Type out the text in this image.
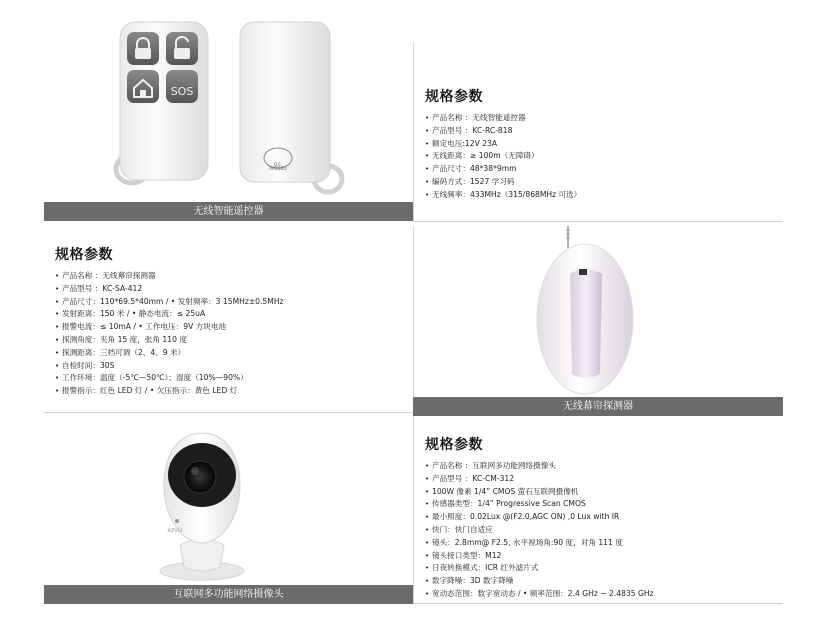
SOS
Q.C.
PASSED
无线智能遥控器
规格参数
• 产品名称 ：无线智能遥控器
• 产品型号 ：KC-RC-818
• 额定电压:12V 23A
• 无线距离：≥ 100m（无障碍）
• 产品尺寸：48*38*9mm
• 编码方式：1527 学习码
• 无线频率：433MHz（315/868MHz 可选）
规格参数
• 产品名称 ：无线幕帘探测器
• 产品型号 ：KC-SA-412
• 产品尺寸：110*69.5*40mm / • 发射频率：3 15MHz±0.5MHz
• 发射距离：150 米 / • 静态电流：≤ 25uA
• 报警电流：≤ 10mA / • 工作电压：9V 方块电池
• 探测角度：夹角 15 度，张角 110 度
• 探测距离：三档可调（2、4、9 米）
• 自检时间：30S
• 工作环境：温度（-5℃—50℃）；湿度（10%—90%）
• 报警指示：红色 LED 灯 / • 欠压指示：黄色 LED 灯
无线幕帘探测器
ezviz
互联网多功能网络摄像头
规格参数
• 产品名称 ：互联网多功能网络摄像头
• 产品型号 ：KC-CM-312
• 100W 像素 1/4” CMOS 萤石互联网摄像机
• 传感器类型：1/4” Progressive Scan CMOS
• 最小照度：0.02Lux @(F2.0,AGC ON) ,0 Lux with IR
• 快门：快门自适应
• 镜头：2.8mm@ F2.5, 水平视场角:90 度，对角 111 度
• 镜头接口类型：M12
• 日夜转换模式：ICR 红外滤片式
• 数字降噪：3D 数字降噪
• 宽动态范围：数字宽动态 / • 频率范围：2.4 GHz ~ 2.4835 GHz
